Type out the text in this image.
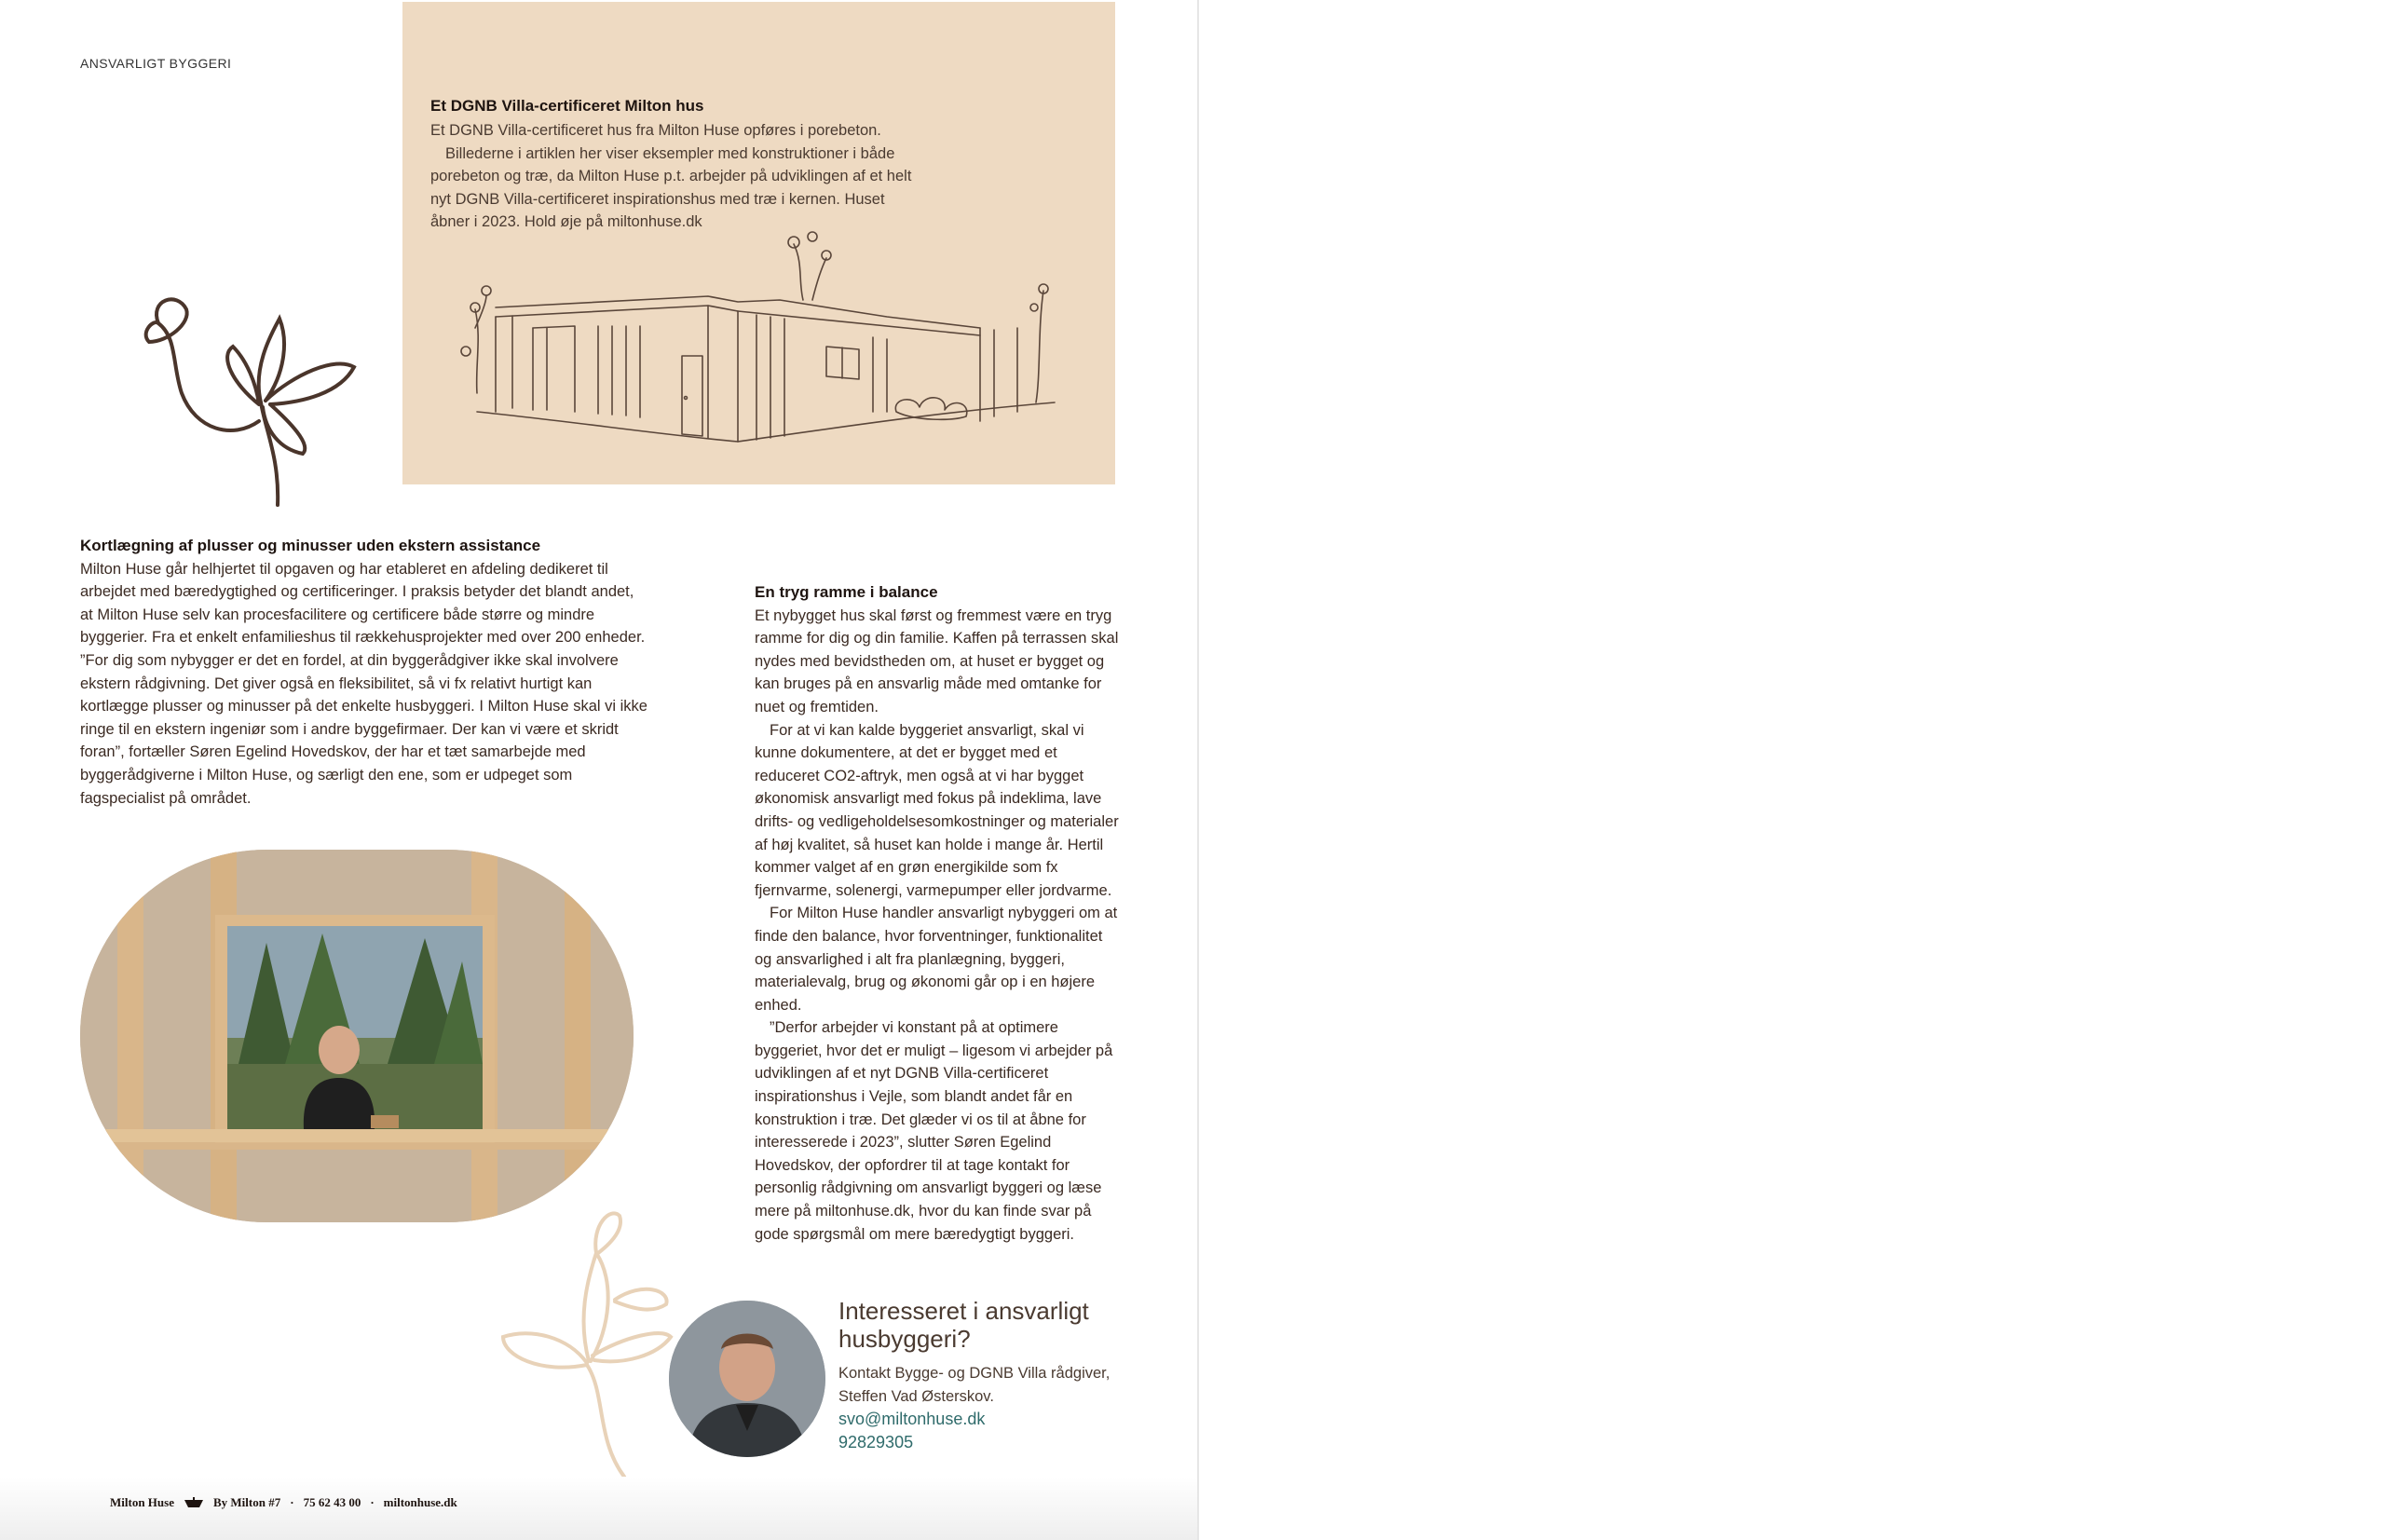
ANSVARLIGT BYGGERI
Et DGNB Villa-certificeret Milton hus

Et DGNB Villa-certificeret hus fra Milton Huse opføres i porebeton.

Billederne i artiklen her viser eksempler med konstruktioner i både porebeton og træ, da Milton Huse p.t. arbejder på udviklingen af et helt nyt DGNB Villa-certificeret inspirationshus med træ i kernen. Huset åbner i 2023. Hold øje på miltonhuse.dk

Kortlægning af plusser og minusser uden ekstern assistance

Milton Huse går helhjertet til opgaven og har etableret en afdeling dedikeret til arbejdet med bæredygtighed og certificeringer. I praksis betyder det blandt andet, at Milton Huse selv kan procesfacilitere og certificere både større og mindre byggerier. Fra et enkelt enfamilieshus til rækkehusprojekter med over 200 enheder. ”For dig som nybygger er det en fordel, at din byggerådgiver ikke skal involvere ekstern rådgivning. Det giver også en fleksibilitet, så vi fx relativt hurtigt kan kortlægge plusser og minusser på det enkelte husbyggeri. I Milton Huse skal vi ikke ringe til en ekstern ingeniør som i andre byggefirmaer. Der kan vi være et skridt foran”, fortæller Søren Egelind Hovedskov, der har et tæt samarbejde med byggerådgiverne i Milton Huse, og særligt den ene, som er udpeget som fagspecialist på området.

En tryg ramme i balance

Et nybygget hus skal først og fremmest være en tryg ramme for dig og din familie. Kaffen på terrassen skal nydes med bevidstheden om, at huset er bygget og kan bruges på en ansvarlig måde med omtanke for nuet og fremtiden.

For at vi kan kalde byggeriet ansvarligt, skal vi kunne dokumentere, at det er bygget med et reduceret CO2-aftryk, men også at vi har bygget økonomisk ansvarligt med fokus på indeklima, lave drifts- og vedligeholdelsesomkostninger og materialer af høj kvalitet, så huset kan holde i mange år. Hertil kommer valget af en grøn energikilde som fx fjernvarme, solenergi, varmepumper eller jordvarme.

For Milton Huse handler ansvarligt nybyggeri om at finde den balance, hvor forventninger, funktionalitet og ansvarlighed i alt fra planlægning, byggeri, materialevalg, brug og økonomi går op i en højere enhed.

”Derfor arbejder vi konstant på at optimere byggeriet, hvor det er muligt – ligesom vi arbejder på udviklingen af et nyt DGNB Villa-certificeret inspirationshus i Vejle, som blandt andet får en konstruktion i træ. Det glæder vi os til at åbne for interesserede i 2023”, slutter Søren Egelind Hovedskov, der opfordrer til at tage kontakt for personlig rådgivning om ansvarligt byggeri og læse mere på miltonhuse.dk, hvor du kan finde svar på gode spørgsmål om mere bæredygtigt byggeri.

Interesseret i ansvarligt husbyggeri?

Kontakt Bygge- og DGNB Villa rådgiver, Steffen Vad Østerskov.

svo@miltonhuse.dk
92829305
Milton Huse	By Milton #7 · 75 62 43 00 · miltonhuse.dk
